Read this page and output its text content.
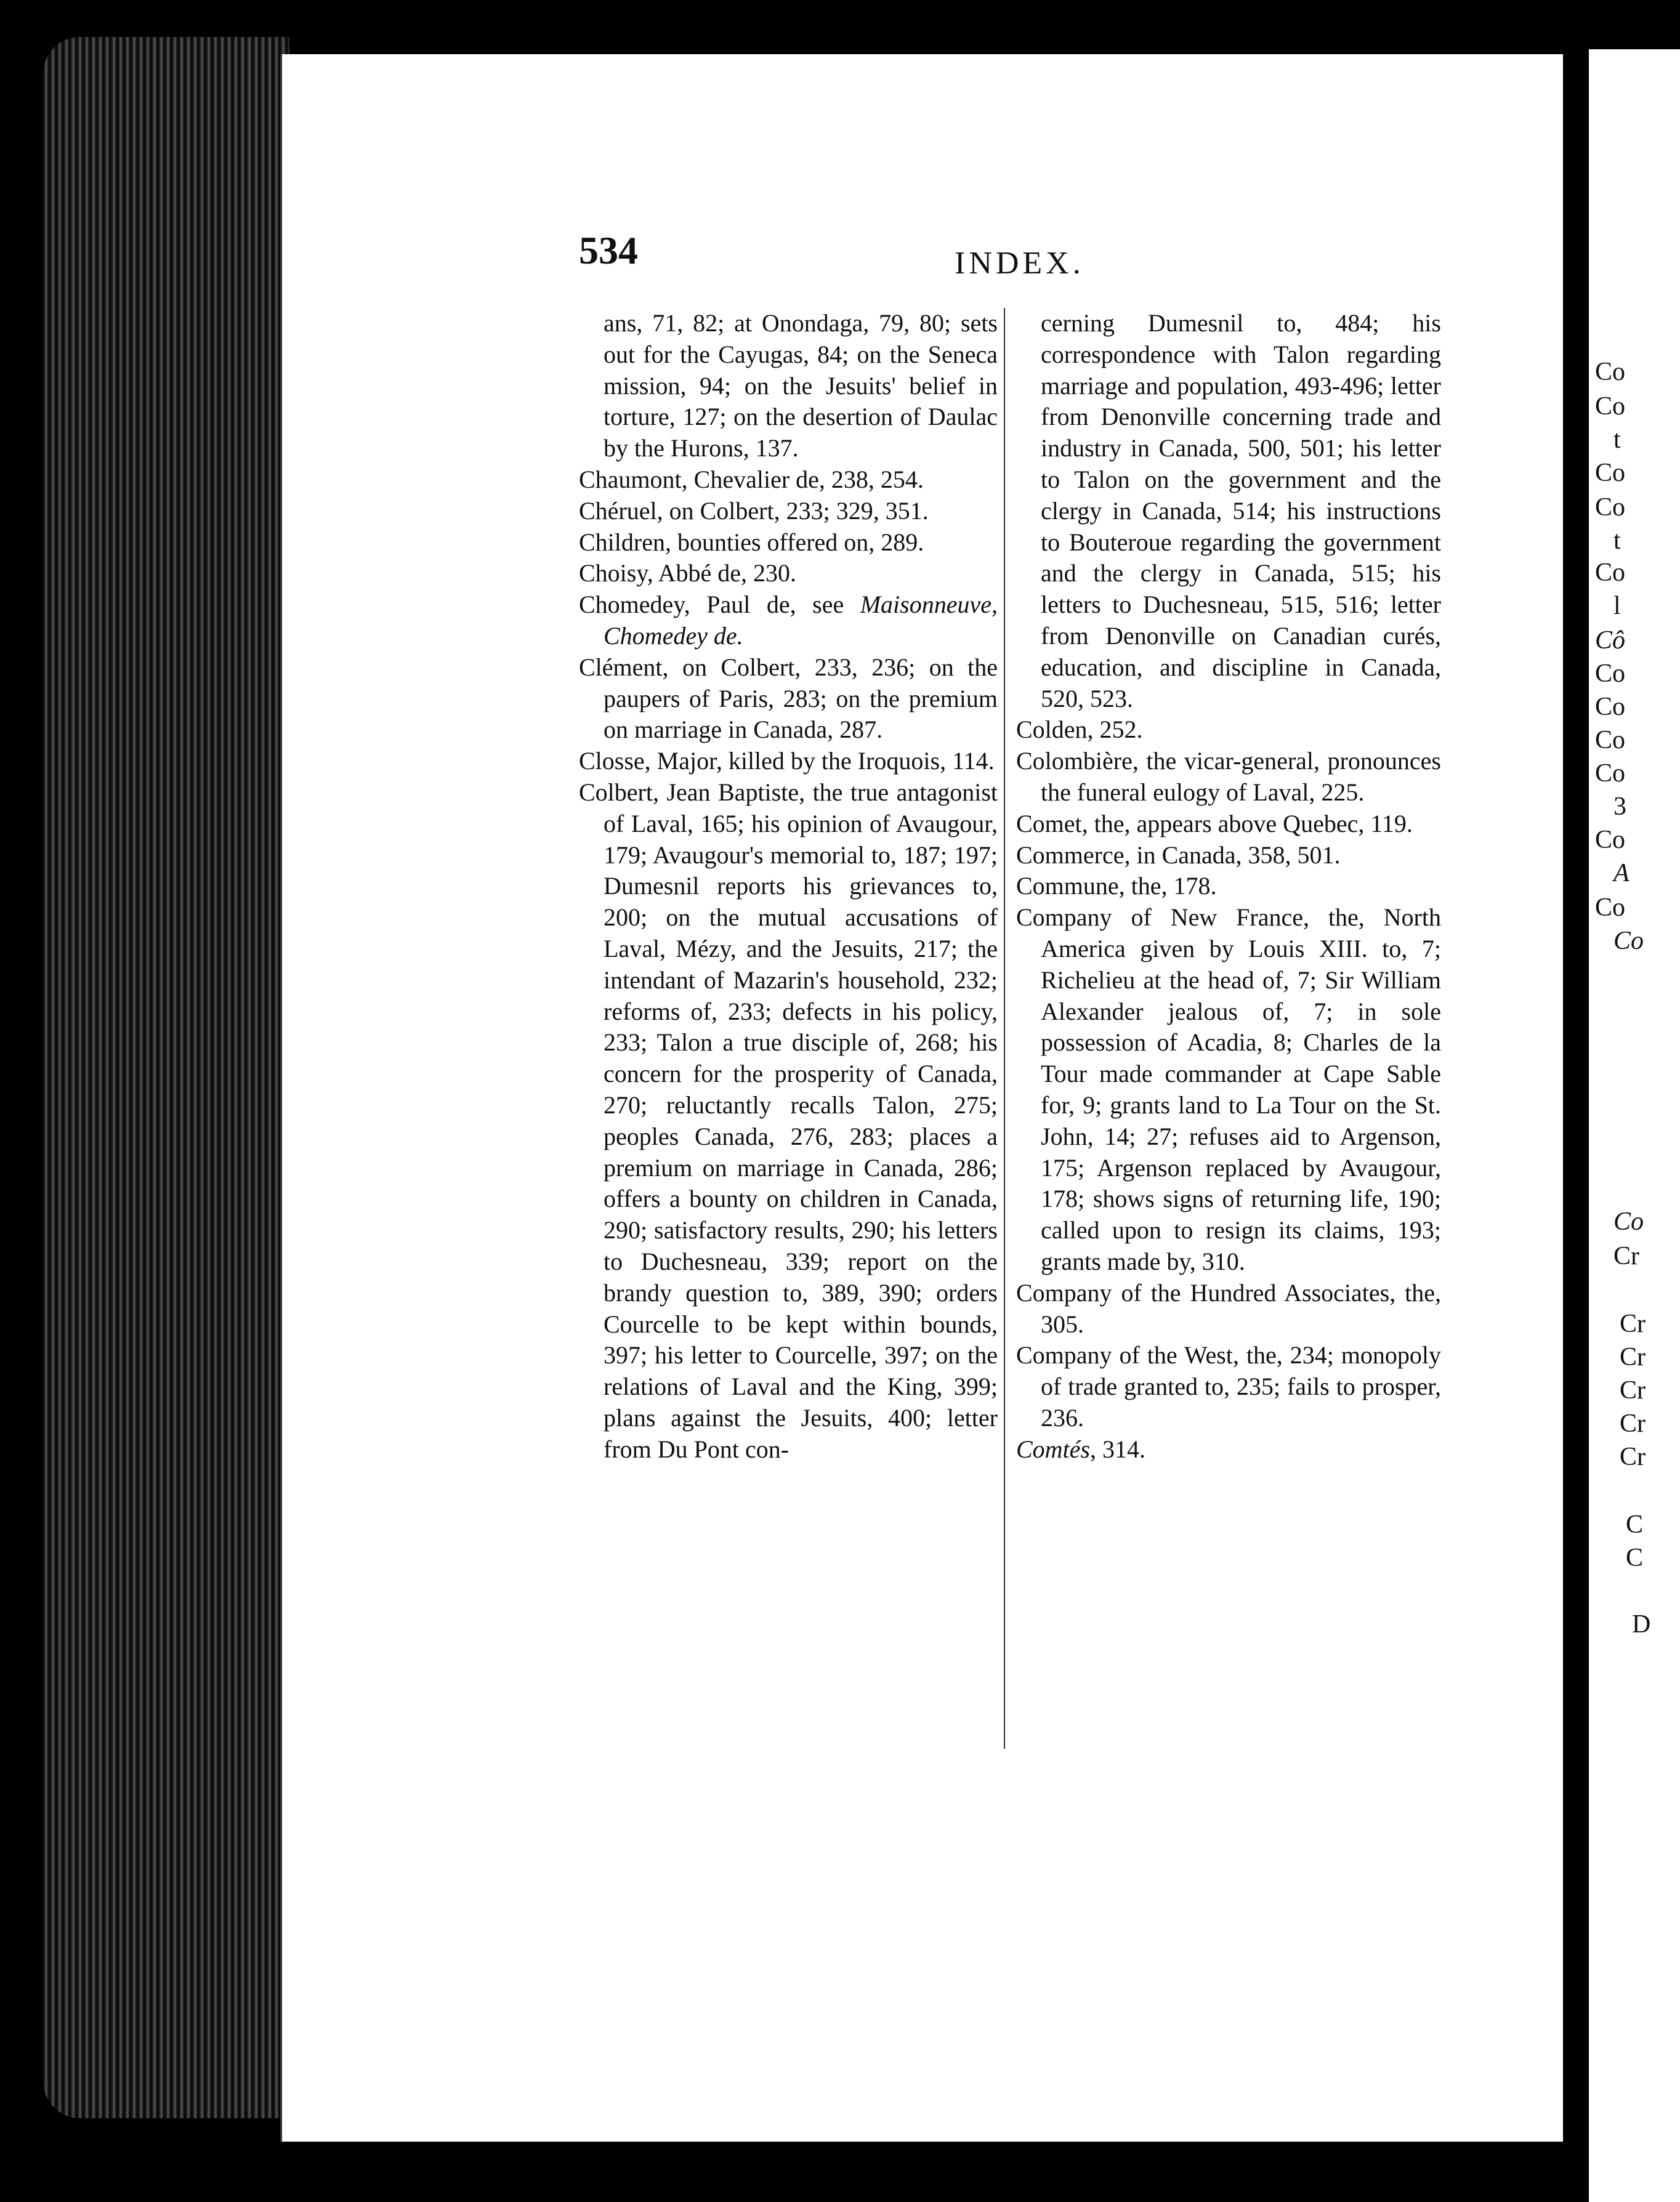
534	INDEX.
ans, 71, 82; at Onondaga, 79, 80; sets out for the Cayugas, 84; on the Seneca mission, 94; on the Jesuits' belief in torture, 127; on the desertion of Daulac by the Hurons, 137.
Chaumont, Chevalier de, 238, 254.
Chéruel, on Colbert, 233; 329, 351.
Children, bounties offered on, 289.
Choisy, Abbé de, 230.
Chomedey, Paul de, see Maisonneuve, Chomedey de.
Clément, on Colbert, 233, 236; on the paupers of Paris, 283; on the premium on marriage in Canada, 287.
Closse, Major, killed by the Iroquois, 114.
Colbert, Jean Baptiste, the true antagonist of Laval, 165; his opinion of Avaugour, 179; Avaugour's memorial to, 187; 197; Dumesnil reports his grievances to, 200; on the mutual accusations of Laval, Mézy, and the Jesuits, 217; the intendant of Mazarin's household, 232; reforms of, 233; defects in his policy, 233; Talon a true disciple of, 268; his concern for the prosperity of Canada, 270; reluctantly recalls Talon, 275; peoples Canada, 276, 283; places a premium on marriage in Canada, 286; offers a bounty on children in Canada, 290; satisfactory results, 290; his letters to Duchesneau, 339; report on the brandy question to, 389, 390; orders Courcelle to be kept within bounds, 397; his letter to Courcelle, 397; on the relations of Laval and the King, 399; plans against the Jesuits, 400; letter from Du Pont con-
cerning Dumesnil to, 484; his correspondence with Talon regarding marriage and population, 493-496; letter from Denonville concerning trade and industry in Canada, 500, 501; his letter to Talon on the government and the clergy in Canada, 514; his instructions to Bouteroue regarding the government and the clergy in Canada, 515; his letters to Duchesneau, 515, 516; letter from Denonville on Canadian curés, education, and discipline in Canada, 520, 523.
Colden, 252.
Colombière, the vicar-general, pronounces the funeral eulogy of Laval, 225.
Comet, the, appears above Quebec, 119.
Commerce, in Canada, 358, 501.
Commune, the, 178.
Company of New France, the, North America given by Louis XIII. to, 7; Richelieu at the head of, 7; Sir William Alexander jealous of, 7; in sole possession of Acadia, 8; Charles de la Tour made commander at Cape Sable for, 9; grants land to La Tour on the St. John, 14; 27; refuses aid to Argenson, 175; Argenson replaced by Avaugour, 178; shows signs of returning life, 190; called upon to resign its claims, 193; grants made by, 310.
Company of the Hundred Associates, the, 305.
Company of the West, the, 234; monopoly of trade granted to, 235; fails to prosper, 236.
Comtés, 314.
Co
Co
t
Co
Co
t
Co
l
Cô
Co
Co
Co
Co
3
Co
A
Co
Co
Co
Cr
Cr
Cr
Cr
Cr
Cr
C
C
D
